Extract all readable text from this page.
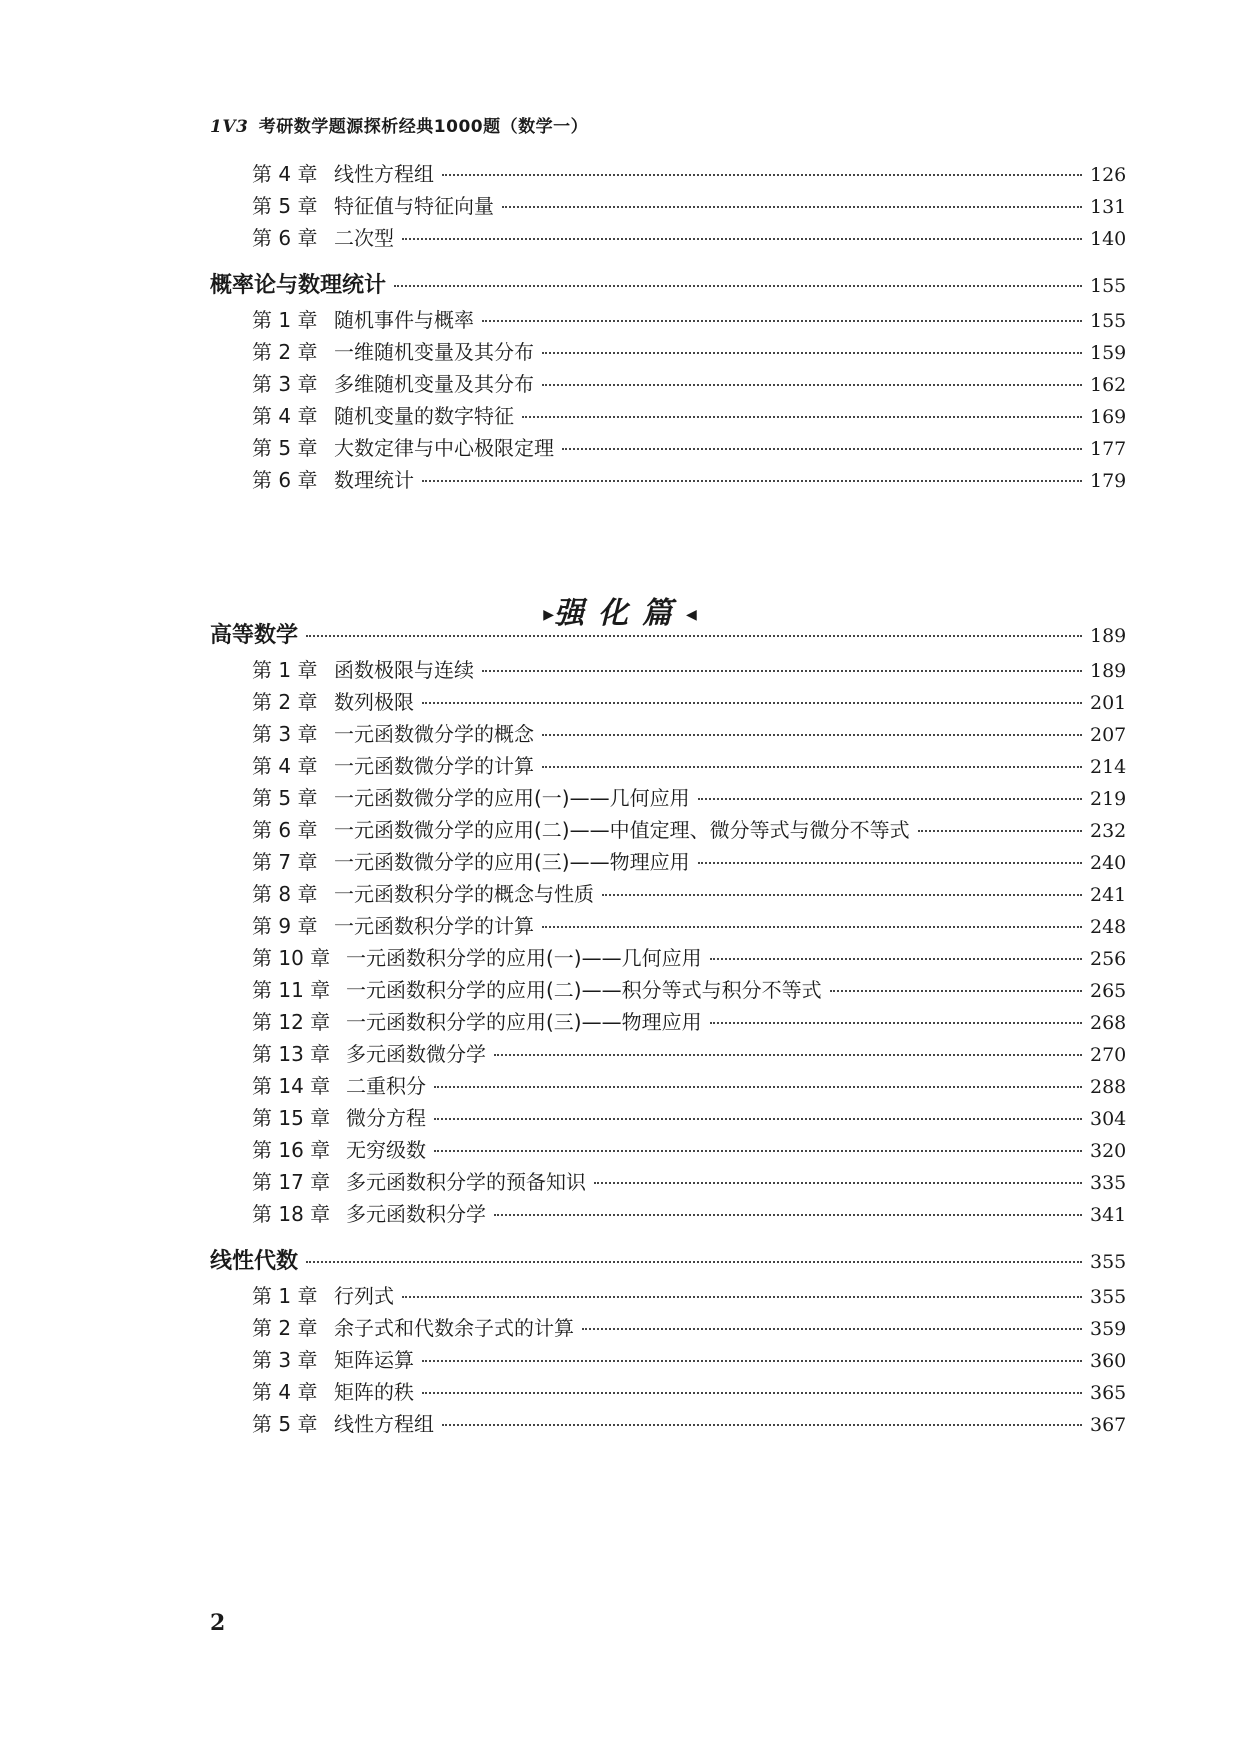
1V3 考研数学题源探析经典1000题（数学一）
第 4 章 线性方程组	126
第 5 章 特征值与特征向量	131
第 6 章 二次型	140
概率论与数理统计	155
第 1 章 随机事件与概率	155
第 2 章 一维随机变量及其分布	159
第 3 章 多维随机变量及其分布	162
第 4 章 随机变量的数字特征	169
第 5 章 大数定律与中心极限定理	177
第 6 章 数理统计	179
高等数学	189
第 1 章 函数极限与连续	189
第 2 章 数列极限	201
第 3 章 一元函数微分学的概念	207
第 4 章 一元函数微分学的计算	214
第 5 章 一元函数微分学的应用(一)——几何应用	219
第 6 章 一元函数微分学的应用(二)——中值定理、微分等式与微分不等式	232
第 7 章 一元函数微分学的应用(三)——物理应用	240
第 8 章 一元函数积分学的概念与性质	241
第 9 章 一元函数积分学的计算	248
第 10 章 一元函数积分学的应用(一)——几何应用	256
第 11 章 一元函数积分学的应用(二)——积分等式与积分不等式	265
第 12 章 一元函数积分学的应用(三)——物理应用	268
第 13 章 多元函数微分学	270
第 14 章 二重积分	288
第 15 章 微分方程	304
第 16 章 无穷级数	320
第 17 章 多元函数积分学的预备知识	335
第 18 章 多元函数积分学	341
线性代数	355
第 1 章 行列式	355
第 2 章 余子式和代数余子式的计算	359
第 3 章 矩阵运算	360
第 4 章 矩阵的秩	365
第 5 章 线性方程组	367
▶强化篇◀
2
